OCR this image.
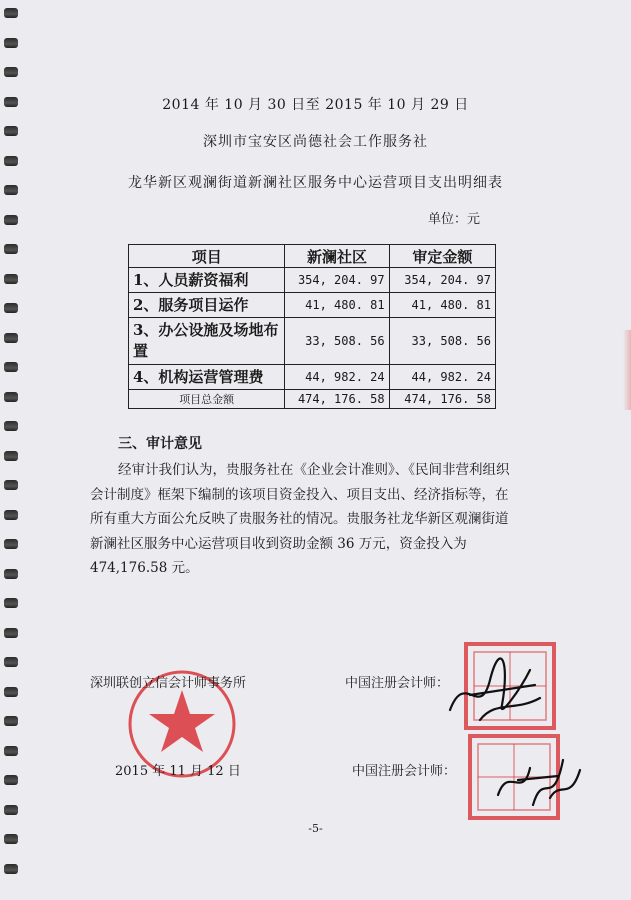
2014 年 10 月 30 日至 2015 年 10 月 29 日
深圳市宝安区尚德社会工作服务社
龙华新区观澜街道新澜社区服务中心运营项目支出明细表
单位：元
项目	新澜社区	审定金额
1、人员薪资福利	354, 204. 97	354, 204. 97
2、服务项目运作	41, 480. 81	41, 480. 81
3、办公设施及场地布置	33, 508. 56	33, 508. 56
4、机构运营管理费	44, 982. 24	44, 982. 24
项目总金额	474, 176. 58	474, 176. 58
三、审计意见
经审计我们认为，贵服务社在《企业会计准则》、《民间非营利组织会计制度》框架下编制的该项目资金投入、项目支出、经济指标等，在所有重大方面公允反映了贵服务社的情况。贵服务社龙华新区观澜街道新澜社区服务中心运营项目收到资助金额 36 万元，资金投入为 474,176.58 元。
深圳联创立信会计师事务所	中国注册会计师：
2015 年 11 月 12 日	中国注册会计师：
-5-
